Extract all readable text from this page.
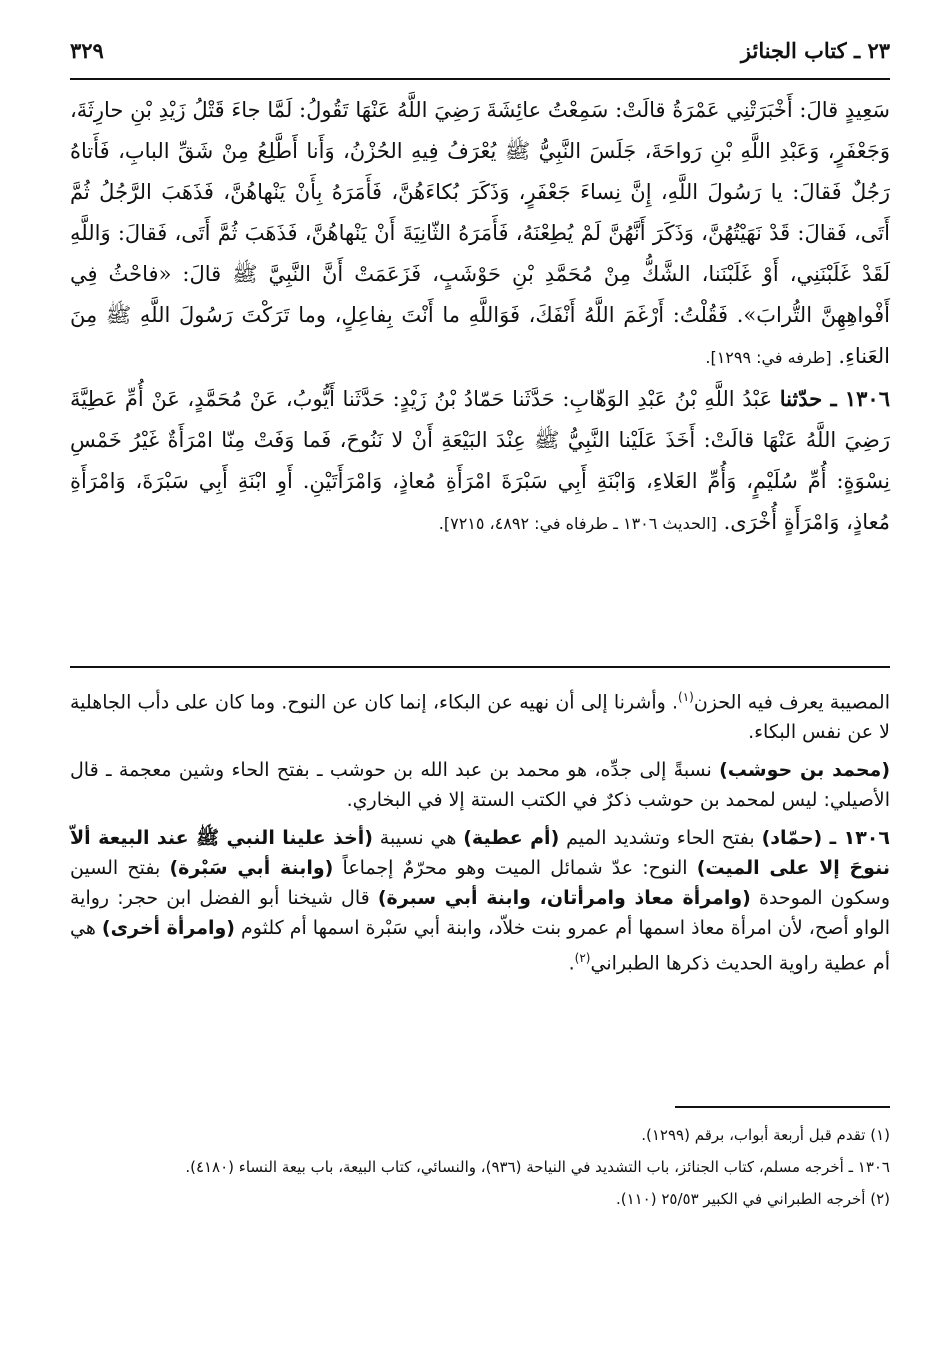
٢٣ ـ كتاب الجنائز
٣٢٩

سَعِيدٍ قالَ: أَخْبَرَتْنِي عَمْرَةُ قالَتْ: سَمِعْتُ عائِشَةَ رَضِيَ اللَّهُ عَنْهَا تَقُولُ: لَمَّا جاءَ قَتْلُ زَيْدِ بْنِ حارِثَةَ، وَجَعْفَرٍ، وَعَبْدِ اللَّهِ بْنِ رَواحَةَ، جَلَسَ النَّبِيُّ ﷺ يُعْرَفُ فِيهِ الحُزْنُ، وَأَنا أَطَّلِعُ مِنْ شَقِّ البابِ، فَأَتاهُ رَجُلٌ فَقالَ: يا رَسُولَ اللَّهِ، إِنَّ نِساءَ جَعْفَرٍ، وَذَكَرَ بُكاءَهُنَّ، فَأَمَرَهُ بِأَنْ يَنْهاهُنَّ، فَذَهَبَ الرَّجُلُ ثُمَّ أَتَى، فَقالَ: قَدْ نَهَيْتُهُنَّ، وَذَكَرَ أَنَّهُنَّ لَمْ يُطِعْنَهُ، فَأَمَرَهُ الثّانِيَةَ أَنْ يَنْهاهُنَّ، فَذَهَبَ ثُمَّ أَتَى، فَقالَ: وَاللَّهِ لَقَدْ غَلَبْنَنِي، أَوْ غَلَبْنَنا، الشَّكُّ مِنْ مُحَمَّدِ بْنِ حَوْشَبٍ، فَزَعَمَتْ أَنَّ النَّبِيَّ ﷺ قالَ: «فاحْثُ فِي أَفْواهِهِنَّ التُّرابَ». فَقُلْتُ: أَرْغَمَ اللَّهُ أَنْفَكَ، فَوَاللَّهِ ما أَنْتَ بِفاعِلٍ، وما تَرَكْتَ رَسُولَ اللَّهِ ﷺ مِنَ العَناءِ. [طرفه في: ١٢٩٩].

١٣٠٦ ـ حدّثنا عَبْدُ اللَّهِ بْنُ عَبْدِ الوَهّابِ: حَدَّثَنا حَمّادُ بْنُ زَيْدٍ: حَدَّثَنا أَيُّوبُ، عَنْ مُحَمَّدٍ، عَنْ أُمِّ عَطِيَّةَ رَضِيَ اللَّهُ عَنْهَا قالَتْ: أَخَذَ عَلَيْنا النَّبِيُّ ﷺ عِنْدَ البَيْعَةِ أَنْ لا نَنُوحَ، فَما وَفَتْ مِنّا امْرَأَةٌ غَيْرُ خَمْسِ نِسْوَةٍ: أُمِّ سُلَيْمٍ، وَأُمِّ العَلاءِ، وَابْنَةِ أَبِي سَبْرَةَ امْرَأَةِ مُعاذٍ، وَامْرَأَتَيْنِ. أَوِ ابْنَةِ أَبِي سَبْرَةَ، وَامْرَأَةِ مُعاذٍ، وَامْرَأَةٍ أُخْرَى. [الحديث ١٣٠٦ ـ طرفاه في: ٤٨٩٢، ٧٢١٥].

المصيبة يعرف فيه الحزن$^{(١)}$. وأشرنا إلى أن نهيه عن البكاء، إنما كان عن النوح. وما كان على دأب الجاهلية لا عن نفس البكاء.

(محمد بن حوشب) نسبةً إلى جدِّه، هو محمد بن عبد الله بن حوشب ـ بفتح الحاء وشين معجمة ـ قال الأصيلي: ليس لمحمد بن حوشب ذكرٌ في الكتب الستة إلا في البخاري.

١٣٠٦ ـ (حمّاد) بفتح الحاء وتشديد الميم (أم عطية) هي نسيبة (أخذ علينا النبي ﷺ عند البيعة ألاّ ننوحَ إلا على الميت) النوح: عدّ شمائل الميت وهو محرّمٌ إجماعاً (وابنة أبي سَبْرة) بفتح السين وسكون الموحدة (وامرأة معاذ وامرأتان، وابنة أبي سبرة) قال شيخنا أبو الفضل ابن حجر: رواية الواو أصح، لأن امرأة معاذ اسمها أم عمرو بنت خلاّد، وابنة أبي سَبْرة اسمها أم كلثوم (وامرأة أخرى) هي أم عطية راوية الحديث ذكرها الطبراني$^{(٢)}$.

(١) تقدم قبل أربعة أبواب، برقم (١٢٩٩).

١٣٠٦ ـ أخرجه مسلم، كتاب الجنائز، باب التشديد في النياحة (٩٣٦)، والنسائي، كتاب البيعة، باب بيعة النساء (٤١٨٠).

(٢) أخرجه الطبراني في الكبير ٢٥/٥٣ (١١٠).
